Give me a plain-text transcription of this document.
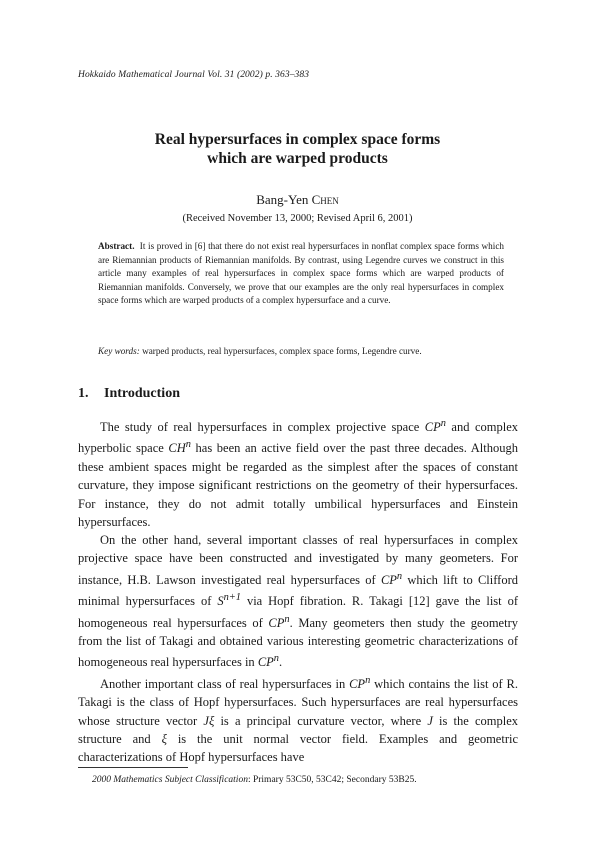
Hokkaido Mathematical Journal Vol. 31 (2002) p. 363–383
Real hypersurfaces in complex space forms
which are warped products
Bang-Yen Chen
(Received November 13, 2000; Revised April 6, 2001)
Abstract. It is proved in [6] that there do not exist real hypersurfaces in nonflat complex space forms which are Riemannian products of Riemannian manifolds. By contrast, using Legendre curves we construct in this article many examples of real hypersurfaces in complex space forms which are warped products of Riemannian manifolds. Conversely, we prove that our examples are the only real hypersurfaces in complex space forms which are warped products of a complex hypersurface and a curve.
Key words: warped products, real hypersurfaces, complex space forms, Legendre curve.
1. Introduction

The study of real hypersurfaces in complex projective space $CP^n$ and complex hyperbolic space $CH^n$ has been an active field over the past three decades. Although these ambient spaces might be regarded as the simplest after the spaces of constant curvature, they impose significant restrictions on the geometry of their hypersurfaces. For instance, they do not admit totally umbilical hypersurfaces and Einstein hypersurfaces.

On the other hand, several important classes of real hypersurfaces in complex projective space have been constructed and investigated by many geometers. For instance, H.B. Lawson investigated real hypersurfaces of $CP^n$ which lift to Clifford minimal hypersurfaces of $S^{n+1}$ via Hopf fibration. R. Takagi [12] gave the list of homogeneous real hypersurfaces of $CP^n$. Many geometers then study the geometry from the list of Takagi and obtained various interesting geometric characterizations of homogeneous real hypersurfaces in $CP^n$.

Another important class of real hypersurfaces in $CP^n$ which contains the list of R. Takagi is the class of Hopf hypersurfaces. Such hypersurfaces are real hypersurfaces whose structure vector Jξ is a principal curvature vector, where J is the complex structure and ξ is the unit normal vector field. Examples and geometric characterizations of Hopf hypersurfaces have

2000 Mathematics Subject Classification: Primary 53C50, 53C42; Secondary 53B25.
